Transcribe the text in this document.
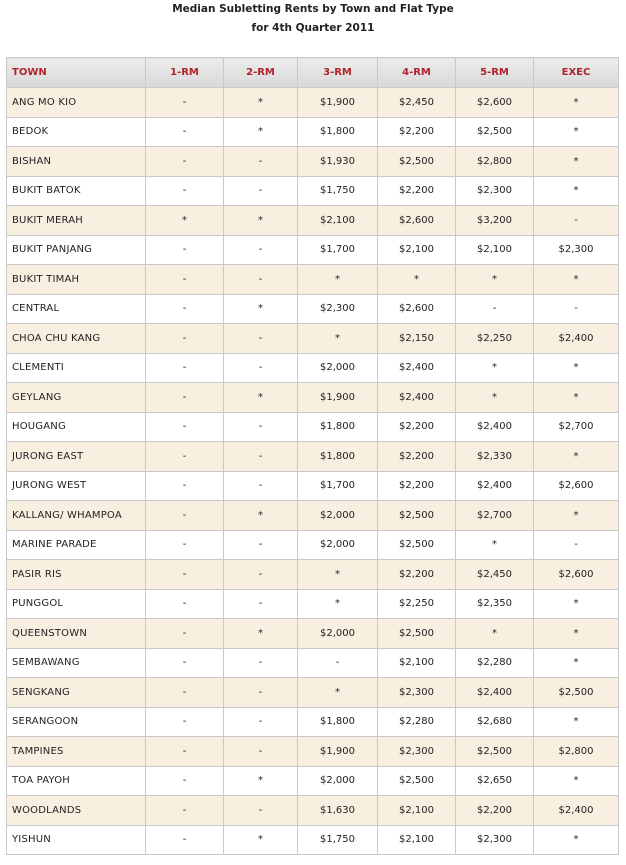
Median Subletting Rents by Town and Flat Type
for 4th Quarter 2011
TOWN	1-RM	2-RM	3-RM	4-RM	5-RM	EXEC
ANG MO KIO	-	*	$1,900	$2,450	$2,600	*
BEDOK	-	*	$1,800	$2,200	$2,500	*
BISHAN	-	-	$1,930	$2,500	$2,800	*
BUKIT BATOK	-	-	$1,750	$2,200	$2,300	*
BUKIT MERAH	*	*	$2,100	$2,600	$3,200	-
BUKIT PANJANG	-	-	$1,700	$2,100	$2,100	$2,300
BUKIT TIMAH	-	-	*	*	*	*
CENTRAL	-	*	$2,300	$2,600	-	-
CHOA CHU KANG	-	-	*	$2,150	$2,250	$2,400
CLEMENTI	-	-	$2,000	$2,400	*	*
GEYLANG	-	*	$1,900	$2,400	*	*
HOUGANG	-	-	$1,800	$2,200	$2,400	$2,700
JURONG EAST	-	-	$1,800	$2,200	$2,330	*
JURONG WEST	-	-	$1,700	$2,200	$2,400	$2,600
KALLANG/ WHAMPOA	-	*	$2,000	$2,500	$2,700	*
MARINE PARADE	-	-	$2,000	$2,500	*	-
PASIR RIS	-	-	*	$2,200	$2,450	$2,600
PUNGGOL	-	-	*	$2,250	$2,350	*
QUEENSTOWN	-	*	$2,000	$2,500	*	*
SEMBAWANG	-	-	-	$2,100	$2,280	*
SENGKANG	-	-	*	$2,300	$2,400	$2,500
SERANGOON	-	-	$1,800	$2,280	$2,680	*
TAMPINES	-	-	$1,900	$2,300	$2,500	$2,800
TOA PAYOH	-	*	$2,000	$2,500	$2,650	*
WOODLANDS	-	-	$1,630	$2,100	$2,200	$2,400
YISHUN	-	*	$1,750	$2,100	$2,300	*
